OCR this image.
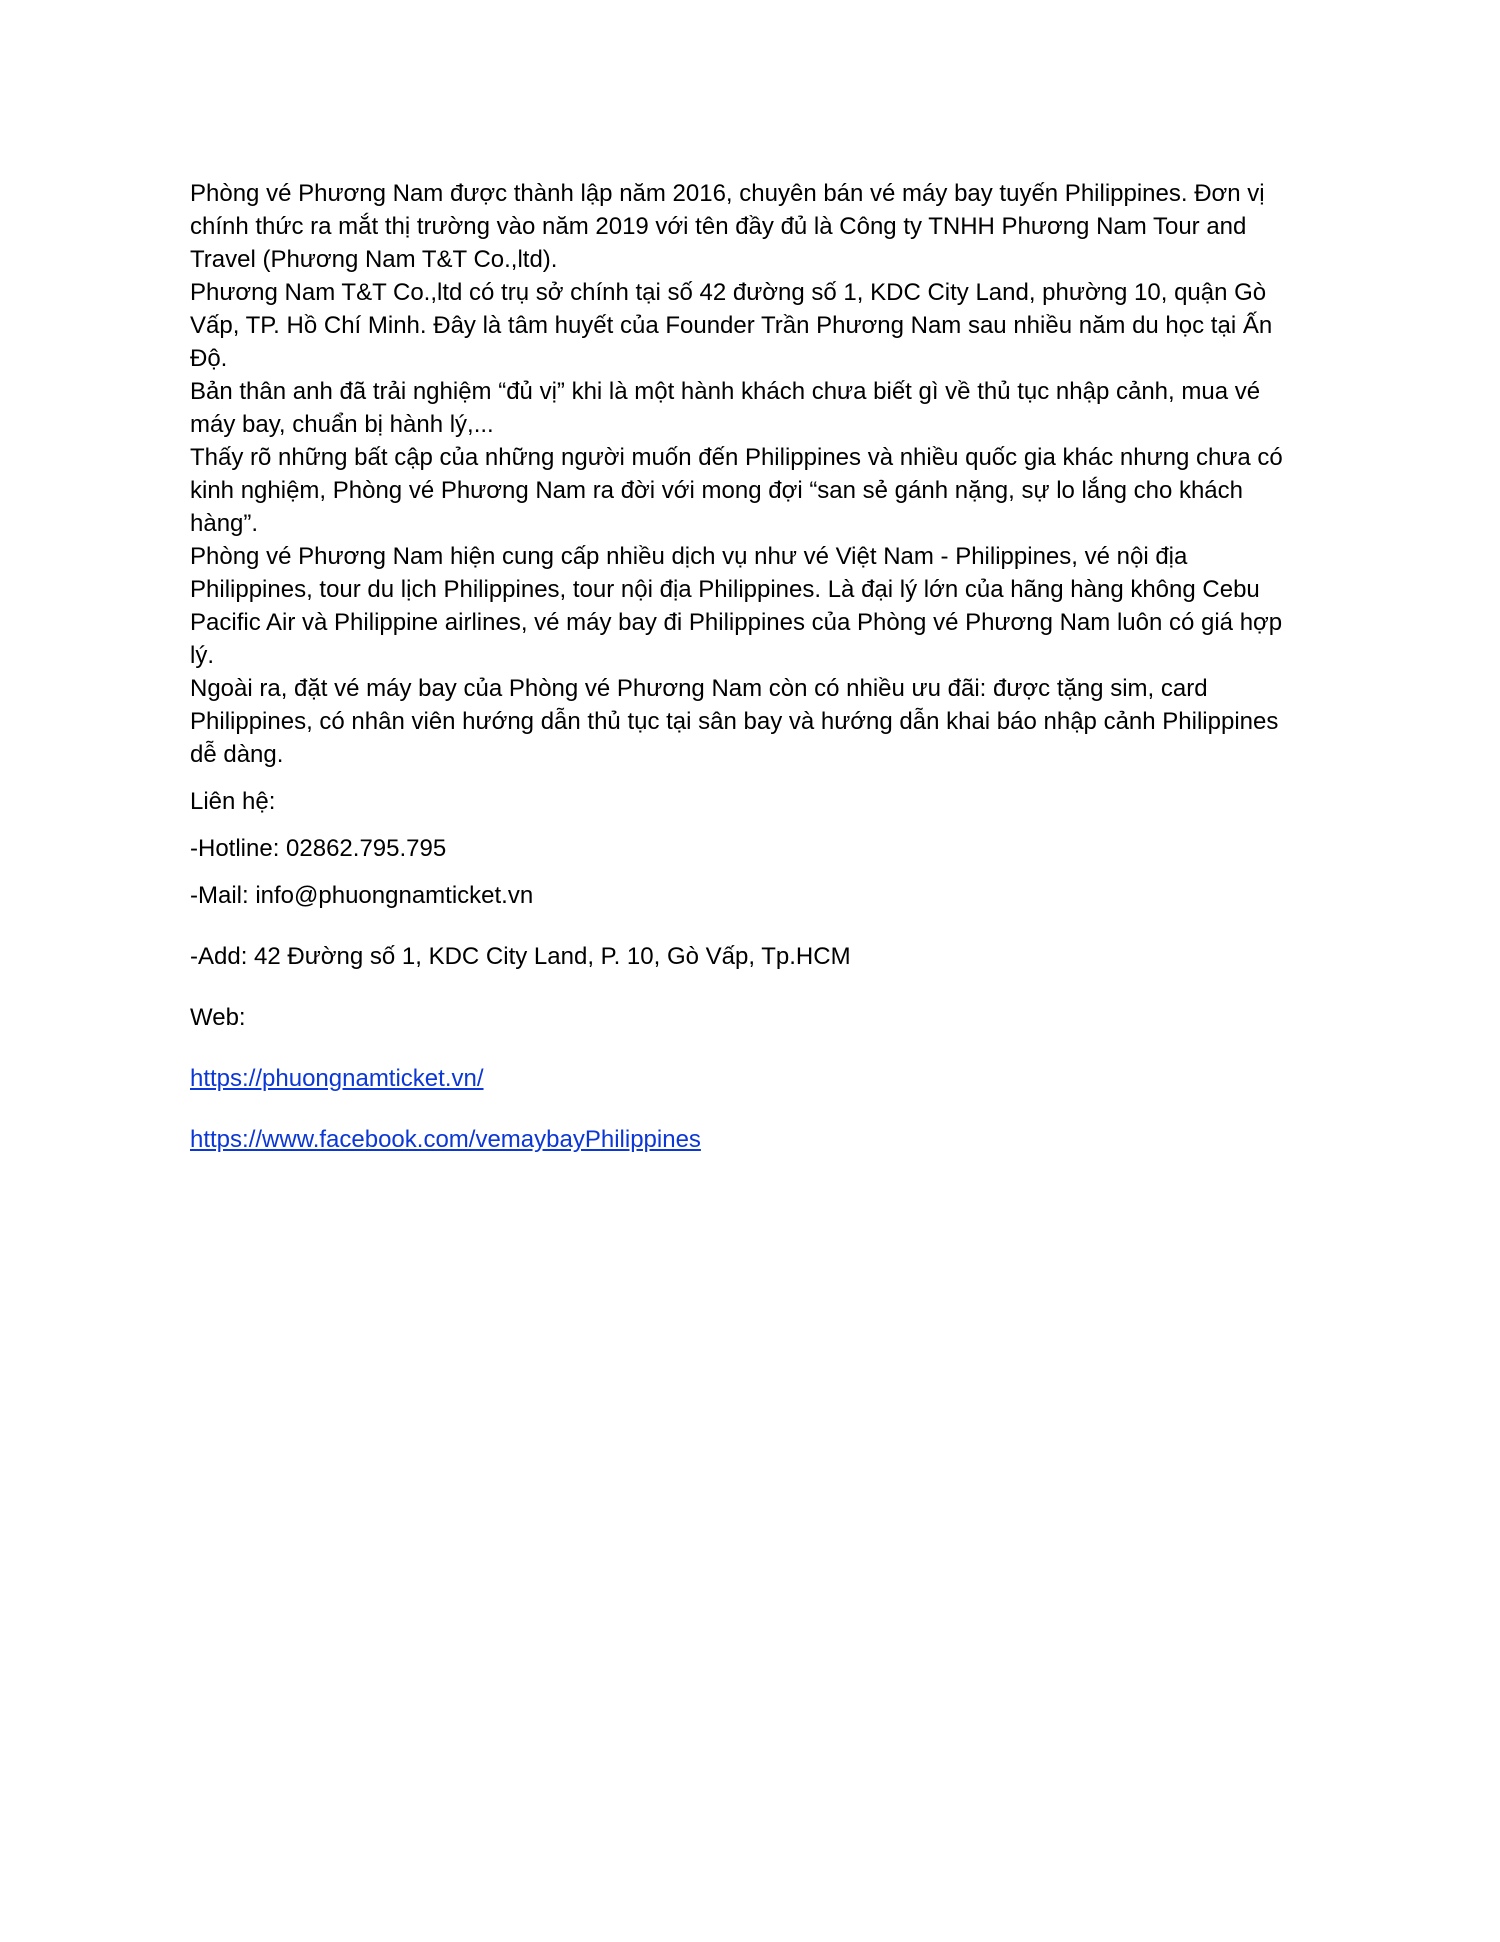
Phòng vé Phương Nam được thành lập năm 2016, chuyên bán vé máy bay tuyến Philippines. Đơn vị chính thức ra mắt thị trường vào năm 2019 với tên đầy đủ là Công ty TNHH Phương Nam Tour and Travel (Phương Nam T&T Co.,ltd).

Phương Nam T&T Co.,ltd có trụ sở chính tại số 42 đường số 1, KDC City Land, phường 10, quận Gò Vấp, TP. Hồ Chí Minh. Đây là tâm huyết của Founder Trần Phương Nam sau nhiều năm du học tại Ấn Độ.

Bản thân anh đã trải nghiệm “đủ vị” khi là một hành khách chưa biết gì về thủ tục nhập cảnh, mua vé máy bay, chuẩn bị hành lý,...

Thấy rõ những bất cập của những người muốn đến Philippines và nhiều quốc gia khác nhưng chưa có kinh nghiệm, Phòng vé Phương Nam ra đời với mong đợi “san sẻ gánh nặng, sự lo lắng cho khách hàng”.

Phòng vé Phương Nam hiện cung cấp nhiều dịch vụ như vé Việt Nam - Philippines, vé nội địa Philippines, tour du lịch Philippines, tour nội địa Philippines. Là đại lý lớn của hãng hàng không Cebu Pacific Air và Philippine airlines, vé máy bay đi Philippines của Phòng vé Phương Nam luôn có giá hợp lý.

Ngoài ra, đặt vé máy bay của Phòng vé Phương Nam còn có nhiều ưu đãi: được tặng sim, card Philippines, có nhân viên hướng dẫn thủ tục tại sân bay và hướng dẫn khai báo nhập cảnh Philippines dễ dàng.

Liên hệ:

-Hotline: 02862.795.795

-Mail: info@phuongnamticket.vn

-Add: 42 Đường số 1, KDC City Land, P. 10, Gò Vấp, Tp.HCM

Web:

https://phuongnamticket.vn/

https://www.facebook.com/vemaybayPhilippines
